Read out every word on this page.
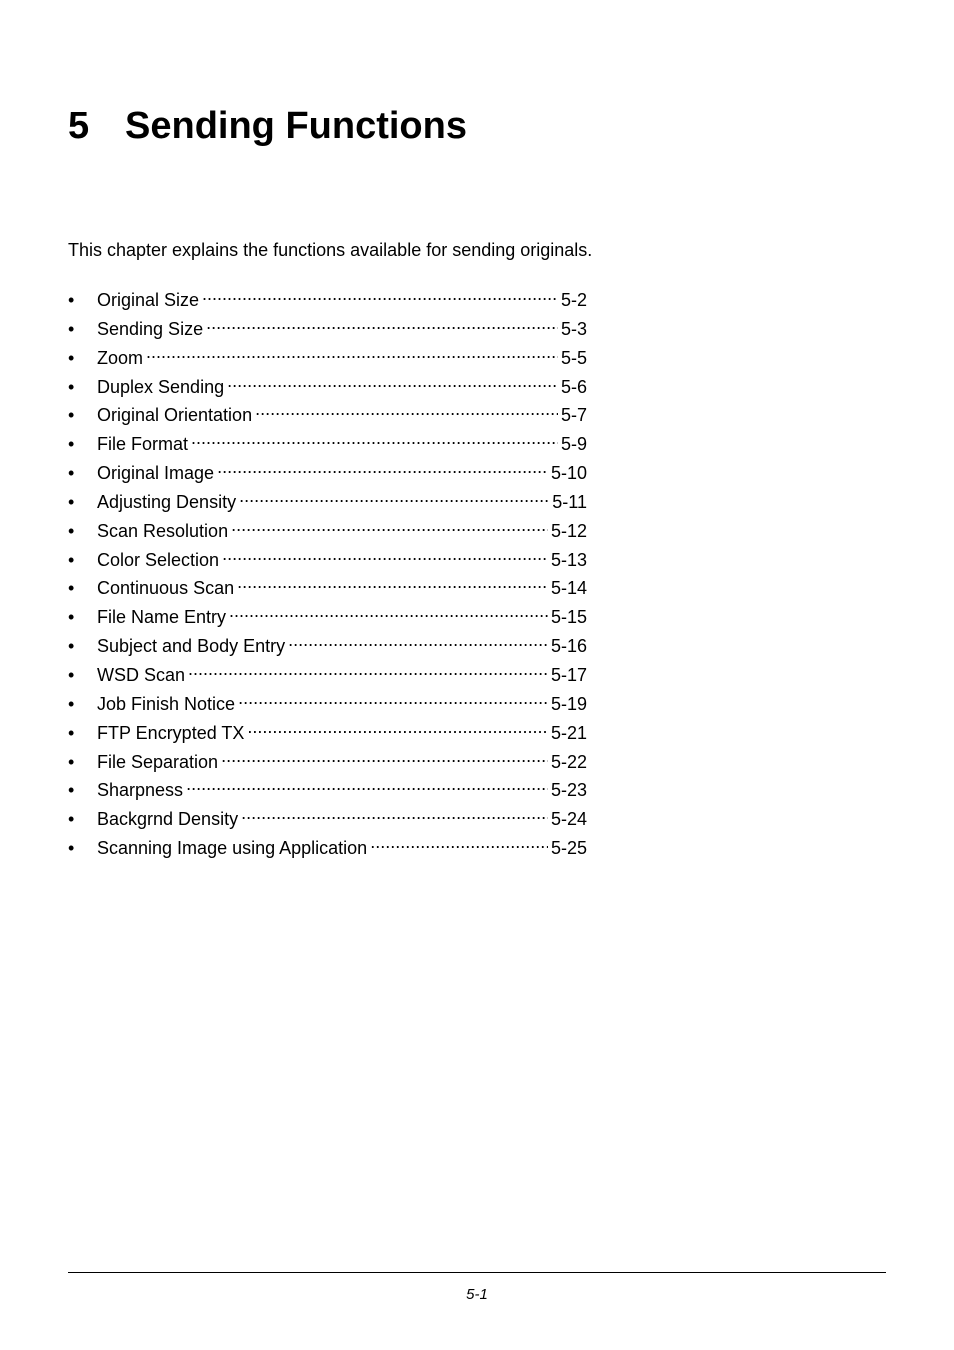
5 Sending Functions

This chapter explains the functions available for sending originals.

•	Original Size .....	5-2
•	Sending Size .....	5-3
•	Zoom .....	5-5
•	Duplex Sending .....	5-6
•	Original Orientation .....	5-7
•	File Format .....	5-9
•	Original Image .....	5-10
•	Adjusting Density .....	5-11
•	Scan Resolution .....	5-12
•	Color Selection .....	5-13
•	Continuous Scan .....	5-14
•	File Name Entry .....	5-15
•	Subject and Body Entry .....	5-16
•	WSD Scan .....	5-17
•	Job Finish Notice .....	5-19
•	FTP Encrypted TX .....	5-21
•	File Separation .....	5-22
•	Sharpness .....	5-23
•	Backgrnd Density .....	5-24
•	Scanning Image using Application .....	5-25
5-1
